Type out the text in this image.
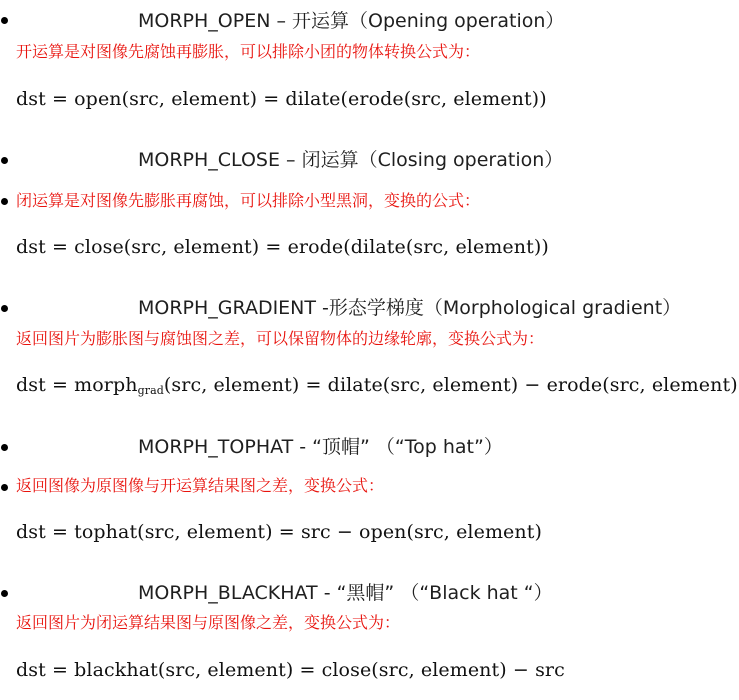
MORPH_OPEN – 开运算（Opening operation）
开运算是对图像先腐蚀再膨胀，可以排除小团的物体转换公式为：
dst = open(src, element) = dilate(erode(src, element))
MORPH_CLOSE – 闭运算（Closing operation）
闭运算是对图像先膨胀再腐蚀，可以排除小型黑洞，变换的公式：
dst = close(src, element) = erode(dilate(src, element))
MORPH_GRADIENT -形态学梯度（Morphological gradient）
返回图片为膨胀图与腐蚀图之差，可以保留物体的边缘轮廓，变换公式为：
dst = morph$_{grad}$(src, element) = dilate(src, element) − erode(src, element)
MORPH_TOPHAT - “顶帽” （“Top hat”）
返回图像为原图像与开运算结果图之差，变换公式：
dst = tophat(src, element) = src − open(src, element)
MORPH_BLACKHAT - “黑帽” （“Black hat “）
返回图片为闭运算结果图与原图像之差，变换公式为：
dst = blackhat(src, element) = close(src, element) − src
